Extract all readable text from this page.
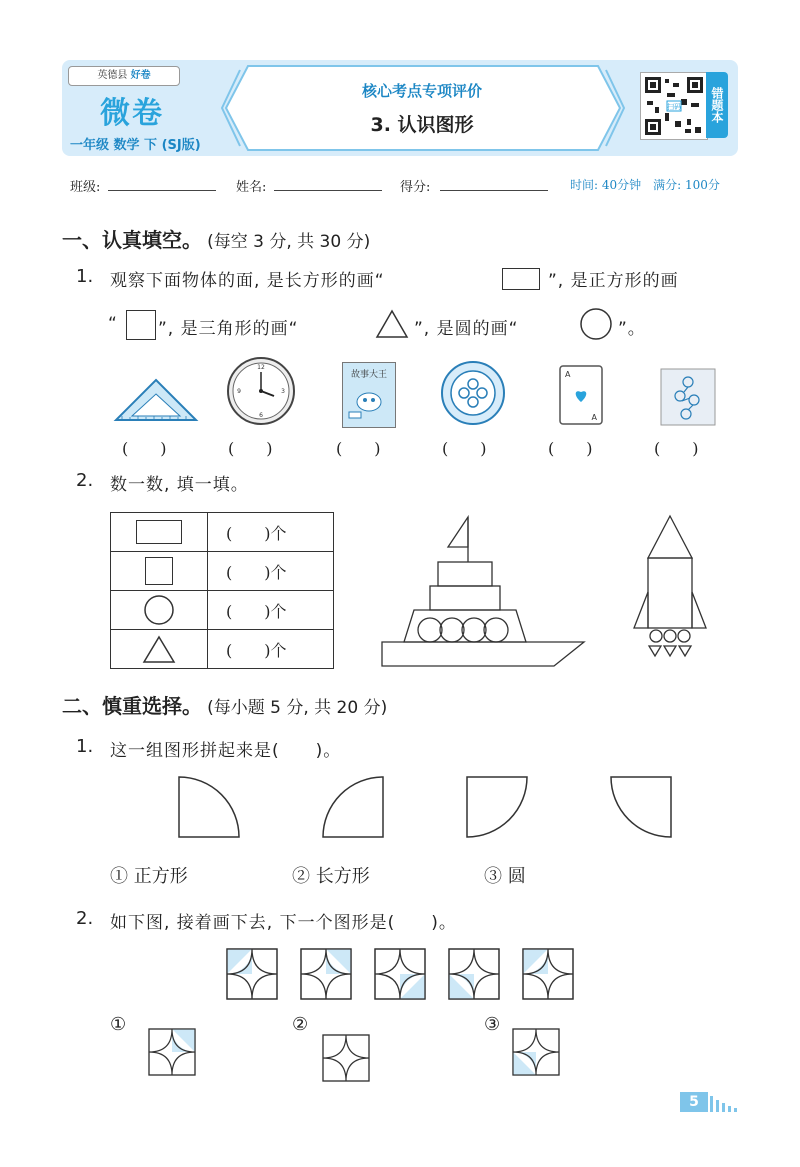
英德县 好卷
微卷
一年级 数学 下 (SJ版)
核心考点专项评价
3. 认识图形
扫码	错题本
班级:	姓名:	得分:	时间: 40分钟　满分: 100分
一、认真填空。 (每空 3 分, 共 30 分)
1. 观察下面物体的面, 是长方形的画“	”, 是正方形的画
“ ”, 是三角形的画“	”, 是圆的画“	”。
12
3
6
9
故事大王	A
A
(　　)	(　　)	(　　)	(　　)	(　　)	(　　)
2. 数一数, 填一填。
	(　　)个
	(　　)个
	(　　)个
	(　　)个
二、慎重选择。 (每小题 5 分, 共 20 分)
1. 这一组图形拼起来是(　　)。
① 正方形	② 长方形	③ 圆
2. 如下图, 接着画下去, 下一个图形是(　　)。
①	②	③
5
